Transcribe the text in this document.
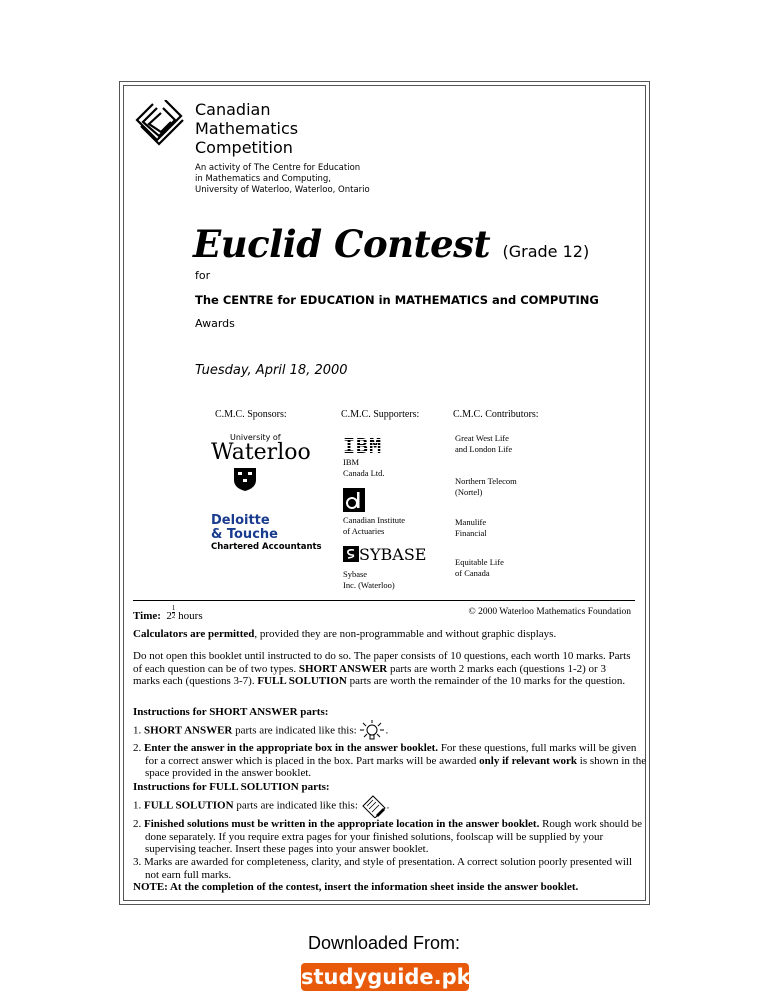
Canadian
Mathematics
Competition
An activity of The Centre for Education
in Mathematics and Computing,
University of Waterloo, Waterloo, Ontario
Euclid Contest (Grade 12)
for
The CENTRE for EDUCATION in MATHEMATICS and COMPUTING
Awards
Tuesday, April 18, 2000
C.M.C. Sponsors:
University of
Waterloo
Deloitte
& Touche
Chartered Accountants
C.M.C. Supporters:
IBM
IBM
Canada Ltd.
Canadian Institute
of Actuaries
SYBASE
Sybase
Inc. (Waterloo)
C.M.C. Contributors:
Great West Life
and London Life
Northern Telecom
(Nortel)
Manulife
Financial
Equitable Life
of Canada
Time: $2 \frac{1}{2}$ hours	© 2000 Waterloo Mathematics Foundation
Calculators are permitted, provided they are non-programmable and without graphic displays.
Do not open this booklet until instructed to do so. The paper consists of 10 questions, each worth 10 marks. Parts of each question can be of two types. SHORT ANSWER parts are worth 2 marks each (questions 1-2) or 3 marks each (questions 3-7). FULL SOLUTION parts are worth the remainder of the 10 marks for the question.
Instructions for SHORT ANSWER parts:
1. SHORT ANSWER parts are indicated like this:	.
2. Enter the answer in the appropriate box in the answer booklet. For these questions, full marks will be given for a correct answer which is placed in the box. Part marks will be awarded only if relevant work is shown in the space provided in the answer booklet.
Instructions for FULL SOLUTION parts:
1. FULL SOLUTION parts are indicated like this:	.
2. Finished solutions must be written in the appropriate location in the answer booklet. Rough work should be done separately. If you require extra pages for your finished solutions, foolscap will be supplied by your supervising teacher. Insert these pages into your answer booklet.
3. Marks are awarded for completeness, clarity, and style of presentation. A correct solution poorly presented will not earn full marks.
NOTE: At the completion of the contest, insert the information sheet inside the answer booklet.
Downloaded From:
studyguide.pk
